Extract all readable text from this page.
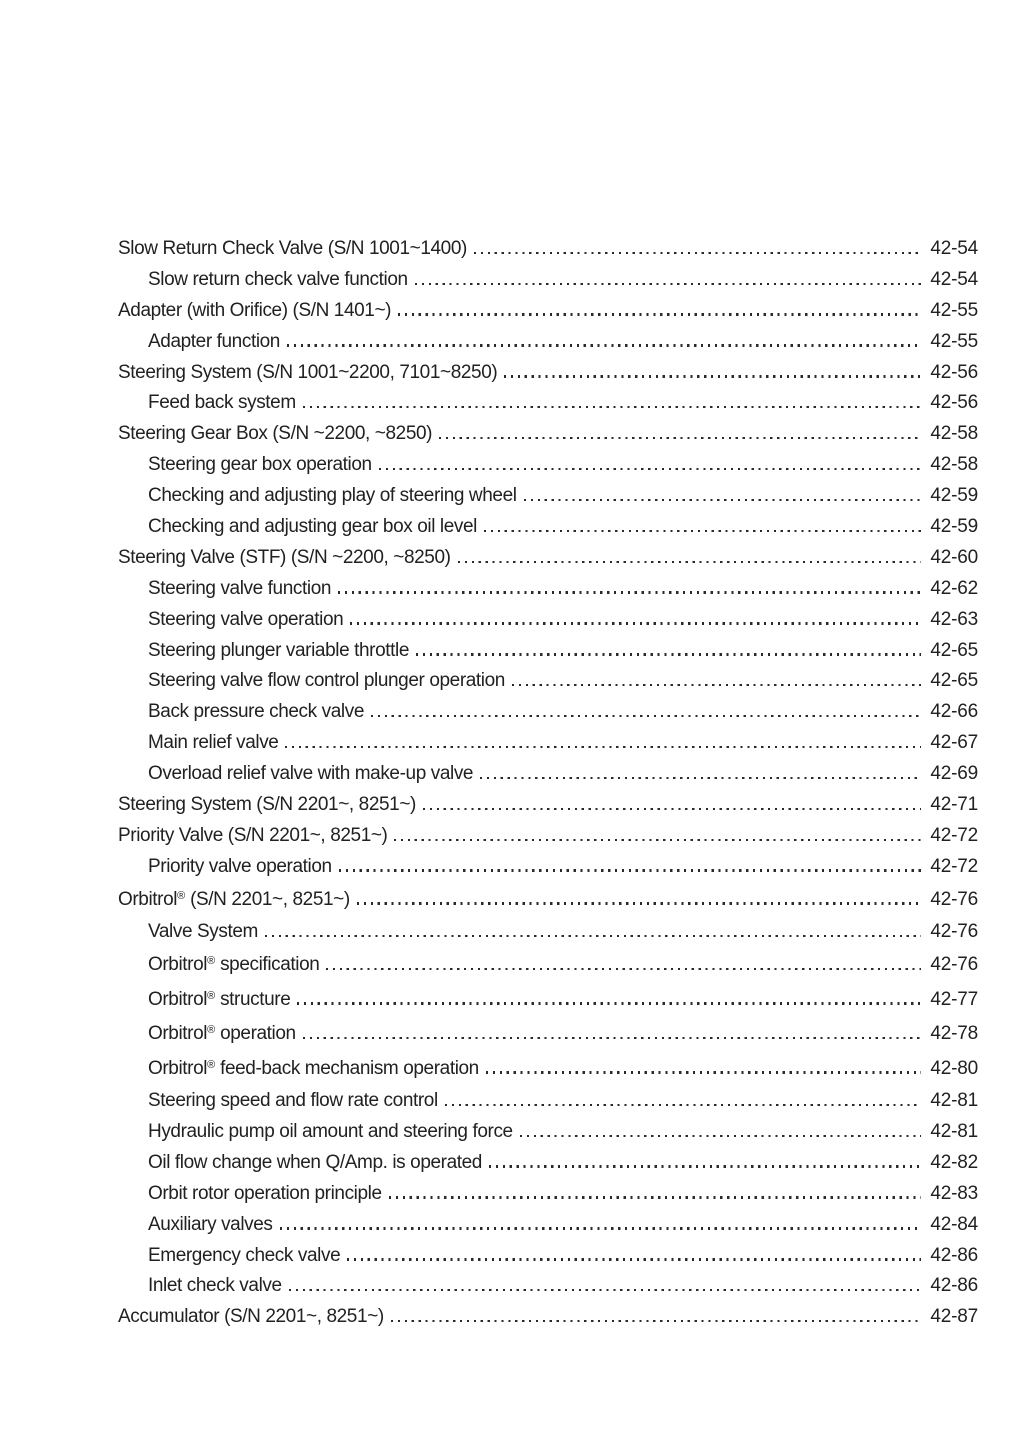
Slow Return Check Valve (S/N 1001~1400)	42-54
Slow return check valve function	42-54
Adapter (with Orifice) (S/N 1401~)	42-55
Adapter function	42-55
Steering System (S/N 1001~2200, 7101~8250)	42-56
Feed back system	42-56
Steering Gear Box (S/N ~2200, ~8250)	42-58
Steering gear box operation	42-58
Checking and adjusting play of steering wheel	42-59
Checking and adjusting gear box oil level	42-59
Steering Valve (STF) (S/N ~2200, ~8250)	42-60
Steering valve function	42-62
Steering valve operation	42-63
Steering plunger variable throttle	42-65
Steering valve flow control plunger operation	42-65
Back pressure check valve	42-66
Main relief valve	42-67
Overload relief valve with make-up valve	42-69
Steering System (S/N 2201~, 8251~)	42-71
Priority Valve (S/N 2201~, 8251~)	42-72
Priority valve operation	42-72
Orbitrol® (S/N 2201~, 8251~)	42-76
Valve System	42-76
Orbitrol® specification	42-76
Orbitrol® structure	42-77
Orbitrol® operation	42-78
Orbitrol® feed-back mechanism operation	42-80
Steering speed and flow rate control	42-81
Hydraulic pump oil amount and steering force	42-81
Oil flow change when Q/Amp. is operated	42-82
Orbit rotor operation principle	42-83
Auxiliary valves	42-84
Emergency check valve	42-86
Inlet check valve	42-86
Accumulator (S/N 2201~, 8251~)	42-87
